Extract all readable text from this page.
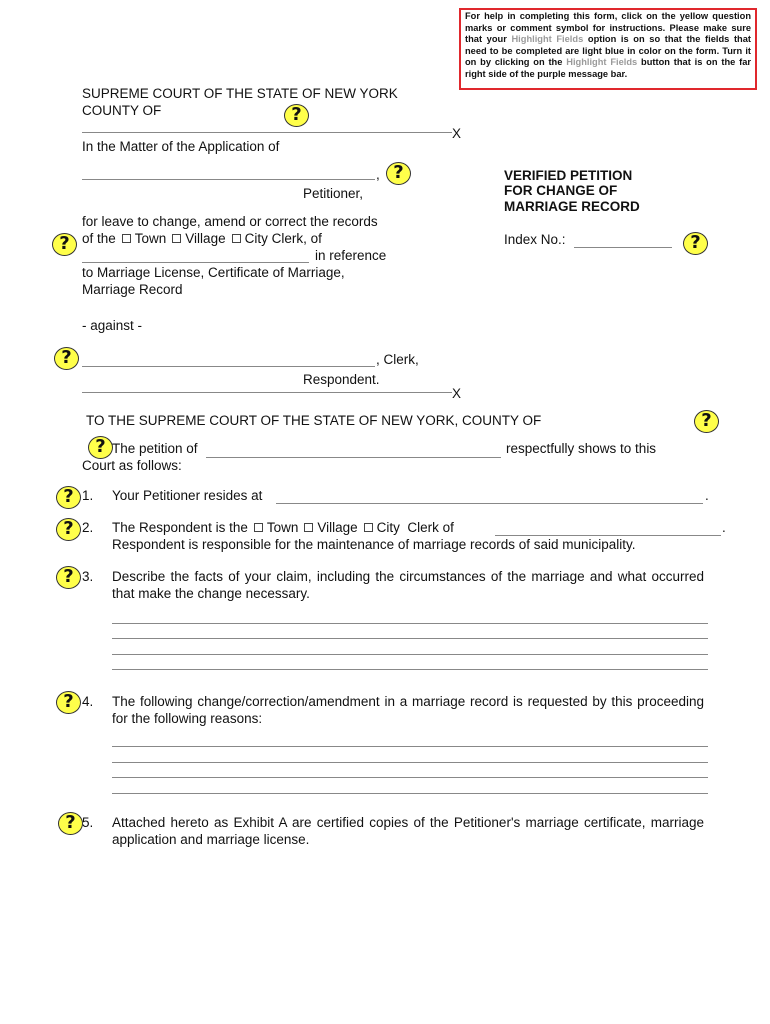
For help in completing this form, click on the yellow question marks or comment symbol for instructions. Please make sure that your Highlight Fields option is on so that the fields that need to be completed are light blue in color on the form. Turn it on by clicking on the Highlight Fields button that is on the far right side of the purple message bar.
SUPREME COURT OF THE STATE OF NEW YORK
COUNTY OF	?
X
In the Matter of the Application of
, ?
Petitioner,
for leave to change, amend or correct the records
? of the Town Village City Clerk, of
in reference
to Marriage License, Certificate of Marriage,
Marriage Record
- against -
?	, Clerk,
Respondent.
X
VERIFIED PETITION
FOR CHANGE OF
MARRIAGE RECORD
Index No.:	?
TO THE SUPREME COURT OF THE STATE OF NEW YORK, COUNTY OF	?
? The petition of	respectfully shows to this
Court as follows:
? 1. Your Petitioner resides at	.
? 2. The Respondent is the Town Village City Clerk of	.
Respondent is responsible for the maintenance of marriage records of said municipality.
? 3. Describe the facts of your claim, including the circumstances of the marriage and what occurred that make the change necessary.
? 4. The following change/correction/amendment in a marriage record is requested by this proceeding for the following reasons:
? 5. Attached hereto as Exhibit A are certified copies of the Petitioner's marriage certificate, marriage application and marriage license.
